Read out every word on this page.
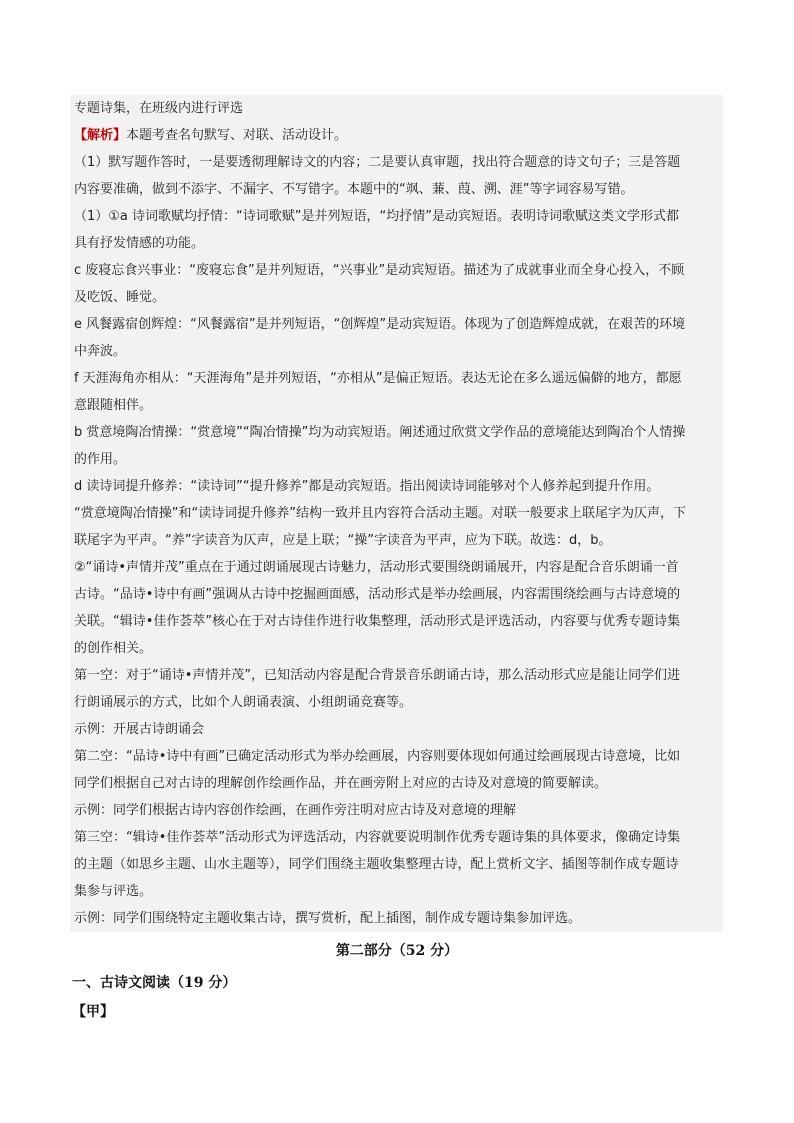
专题诗集，在班级内进行评选
【解析】本题考查名句默写、对联、活动设计。
（1）默写题作答时，一是要透彻理解诗文的内容；二是要认真审题，找出符合题意的诗文句子；三是答题
内容要准确，做到不添字、不漏字、不写错字。本题中的“飒、蒹、葭、溯、涯”等字词容易写错。
（1）①a 诗词歌赋均抒情：“诗词歌赋”是并列短语，“均抒情”是动宾短语。表明诗词歌赋这类文学形式都
具有抒发情感的功能。
c 废寝忘食兴事业：“废寝忘食”是并列短语，“兴事业”是动宾短语。描述为了成就事业而全身心投入，不顾
及吃饭、睡觉。
e 风餐露宿创辉煌：“风餐露宿”是并列短语，“创辉煌”是动宾短语。体现为了创造辉煌成就，在艰苦的环境
中奔波。
f 天涯海角亦相从：“天涯海角”是并列短语，“亦相从”是偏正短语。表达无论在多么遥远偏僻的地方，都愿
意跟随相伴。
b 赏意境陶冶情操：“赏意境”“陶冶情操”均为动宾短语。阐述通过欣赏文学作品的意境能达到陶冶个人情操
的作用。
d 读诗词提升修养：“读诗词”“提升修养”都是动宾短语。指出阅读诗词能够对个人修养起到提升作用。
“赏意境陶冶情操”和“读诗词提升修养”结构一致并且内容符合活动主题。对联一般要求上联尾字为仄声，下
联尾字为平声。“养”字读音为仄声，应是上联；“操”字读音为平声，应为下联。故选：d，b。
②“诵诗•声情并茂”重点在于通过朗诵展现古诗魅力，活动形式要围绕朗诵展开，内容是配合音乐朗诵一首
古诗。“品诗•诗中有画”强调从古诗中挖掘画面感，活动形式是举办绘画展，内容需围绕绘画与古诗意境的
关联。“辑诗•佳作荟萃”核心在于对古诗佳作进行收集整理，活动形式是评选活动，内容要与优秀专题诗集
的创作相关。
第一空：对于“诵诗•声情并茂”，已知活动内容是配合背景音乐朗诵古诗，那么活动形式应是能让同学们进
行朗诵展示的方式，比如个人朗诵表演、小组朗诵竞赛等。
示例：开展古诗朗诵会
第二空：“品诗•诗中有画”已确定活动形式为举办绘画展，内容则要体现如何通过绘画展现古诗意境，比如
同学们根据自己对古诗的理解创作绘画作品，并在画旁附上对应的古诗及对意境的简要解读。
示例：同学们根据古诗内容创作绘画，在画作旁注明对应古诗及对意境的理解
第三空：“辑诗•佳作荟萃”活动形式为评选活动，内容就要说明制作优秀专题诗集的具体要求，像确定诗集
的主题（如思乡主题、山水主题等），同学们围绕主题收集整理古诗，配上赏析文字、插图等制作成专题诗
集参与评选。
示例：同学们围绕特定主题收集古诗，撰写赏析，配上插图，制作成专题诗集参加评选。
第二部分（52 分）
一、古诗文阅读（19 分）
【甲】
